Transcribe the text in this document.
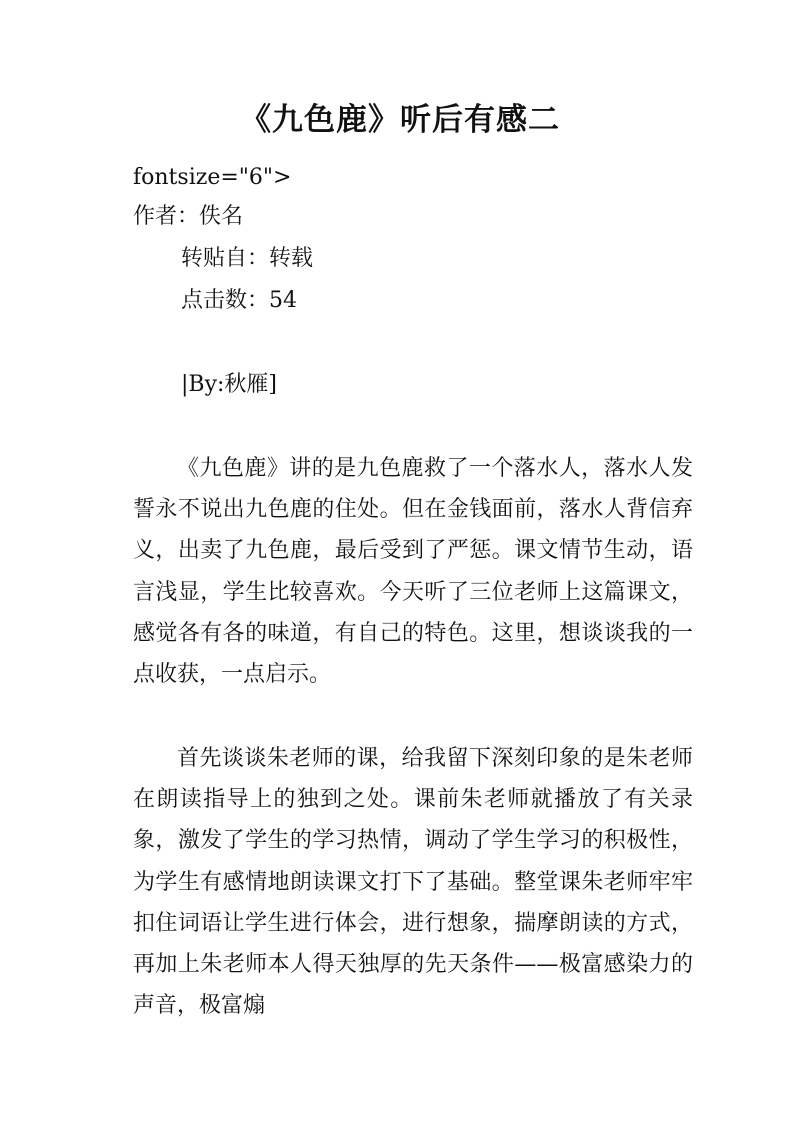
《九色鹿》听后有感二

fontsize="6">

作者：佚名

转贴自：转载

点击数：54

|By:秋雁]

《九色鹿》讲的是九色鹿救了一个落水人，落水人发誓永不说出九色鹿的住处。但在金钱面前，落水人背信弃义，出卖了九色鹿，最后受到了严惩。课文情节生动，语言浅显，学生比较喜欢。今天听了三位老师上这篇课文，感觉各有各的味道，有自己的特色。这里，想谈谈我的一点收获，一点启示。

首先谈谈朱老师的课，给我留下深刻印象的是朱老师在朗读指导上的独到之处。课前朱老师就播放了有关录象，激发了学生的学习热情，调动了学生学习的积极性，为学生有感情地朗读课文打下了基础。整堂课朱老师牢牢扣住词语让学生进行体会，进行想象，揣摩朗读的方式，再加上朱老师本人得天独厚的先天条件——极富感染力的声音，极富煽
